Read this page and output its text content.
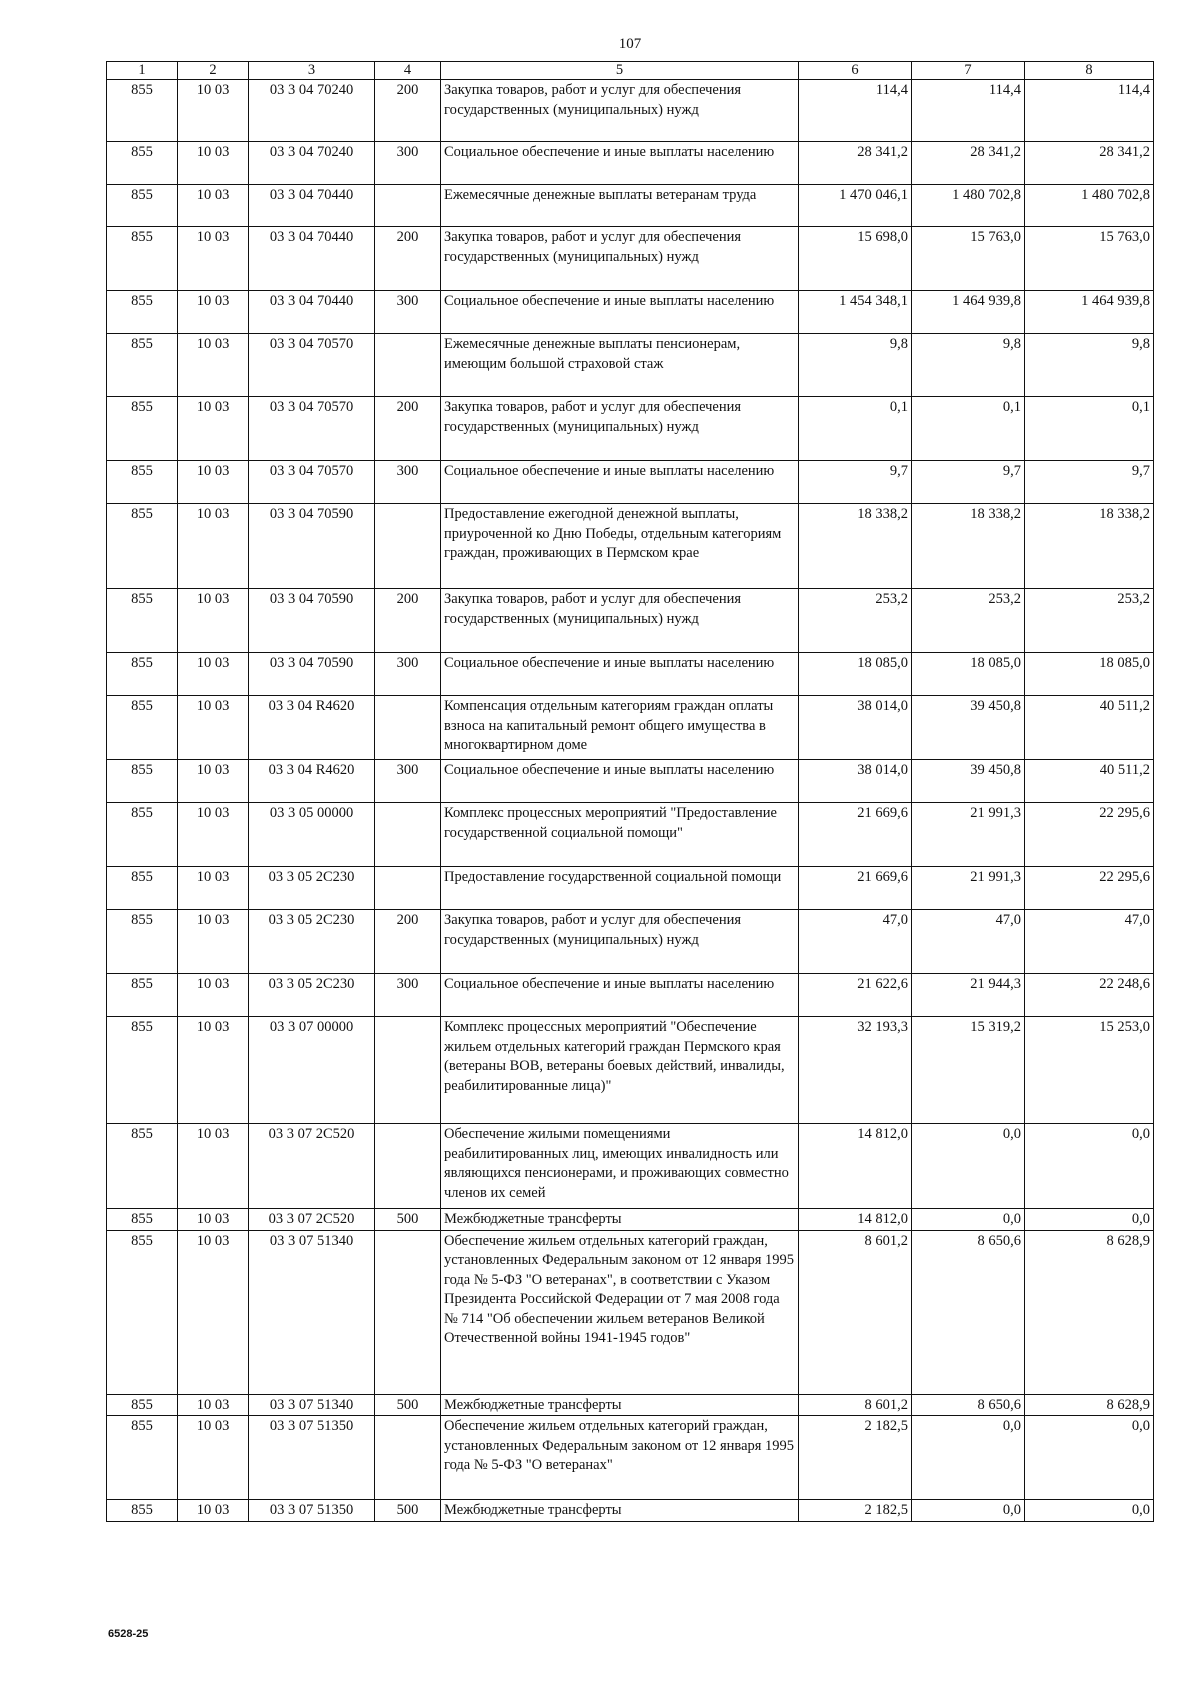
107
1	2	3	4	5	6	7	8
855	10 03	03 3 04 70240	200	Закупка товаров, работ и услуг для обеспечения государственных (муниципальных) нужд	114,4	114,4	114,4
855	10 03	03 3 04 70240	300	Социальное обеспечение и иные выплаты населению	28 341,2	28 341,2	28 341,2
855	10 03	03 3 04 70440		Ежемесячные денежные выплаты ветеранам труда	1 470 046,1	1 480 702,8	1 480 702,8
855	10 03	03 3 04 70440	200	Закупка товаров, работ и услуг для обеспечения государственных (муниципальных) нужд	15 698,0	15 763,0	15 763,0
855	10 03	03 3 04 70440	300	Социальное обеспечение и иные выплаты населению	1 454 348,1	1 464 939,8	1 464 939,8
855	10 03	03 3 04 70570		Ежемесячные денежные выплаты пенсионерам, имеющим большой страховой стаж	9,8	9,8	9,8
855	10 03	03 3 04 70570	200	Закупка товаров, работ и услуг для обеспечения государственных (муниципальных) нужд	0,1	0,1	0,1
855	10 03	03 3 04 70570	300	Социальное обеспечение и иные выплаты населению	9,7	9,7	9,7
855	10 03	03 3 04 70590		Предоставление ежегодной денежной выплаты, приуроченной ко Дню Победы, отдельным категориям граждан, проживающих в Пермском крае	18 338,2	18 338,2	18 338,2
855	10 03	03 3 04 70590	200	Закупка товаров, работ и услуг для обеспечения государственных (муниципальных) нужд	253,2	253,2	253,2
855	10 03	03 3 04 70590	300	Социальное обеспечение и иные выплаты населению	18 085,0	18 085,0	18 085,0
855	10 03	03 3 04 R4620		Компенсация отдельным категориям граждан оплаты взноса на капитальный ремонт общего имущества в многоквартирном доме	38 014,0	39 450,8	40 511,2
855	10 03	03 3 04 R4620	300	Социальное обеспечение и иные выплаты населению	38 014,0	39 450,8	40 511,2
855	10 03	03 3 05 00000		Комплекс процессных мероприятий "Предоставление государственной социальной помощи"	21 669,6	21 991,3	22 295,6
855	10 03	03 3 05 2C230		Предоставление государственной социальной помощи	21 669,6	21 991,3	22 295,6
855	10 03	03 3 05 2C230	200	Закупка товаров, работ и услуг для обеспечения государственных (муниципальных) нужд	47,0	47,0	47,0
855	10 03	03 3 05 2C230	300	Социальное обеспечение и иные выплаты населению	21 622,6	21 944,3	22 248,6
855	10 03	03 3 07 00000		Комплекс процессных мероприятий "Обеспечение жильем отдельных категорий граждан Пермского края (ветераны ВОВ, ветераны боевых действий, инвалиды, реабилитированные лица)"	32 193,3	15 319,2	15 253,0
855	10 03	03 3 07 2C520		Обеспечение жилыми помещениями реабилитированных лиц, имеющих инвалидность или являющихся пенсионерами, и проживающих совместно членов их семей	14 812,0	0,0	0,0
855	10 03	03 3 07 2C520	500	Межбюджетные трансферты	14 812,0	0,0	0,0
855	10 03	03 3 07 51340		Обеспечение жильем отдельных категорий граждан, установленных Федеральным законом от 12 января 1995 года № 5-ФЗ "О ветеранах", в соответствии с Указом Президента Российской Федерации от 7 мая 2008 года № 714 "Об обеспечении жильем ветеранов Великой Отечественной войны 1941-1945 годов"	8 601,2	8 650,6	8 628,9
855	10 03	03 3 07 51340	500	Межбюджетные трансферты	8 601,2	8 650,6	8 628,9
855	10 03	03 3 07 51350		Обеспечение жильем отдельных категорий граждан, установленных Федеральным законом от 12 января 1995 года № 5-ФЗ "О ветеранах"	2 182,5	0,0	0,0
855	10 03	03 3 07 51350	500	Межбюджетные трансферты	2 182,5	0,0	0,0
6528-25
